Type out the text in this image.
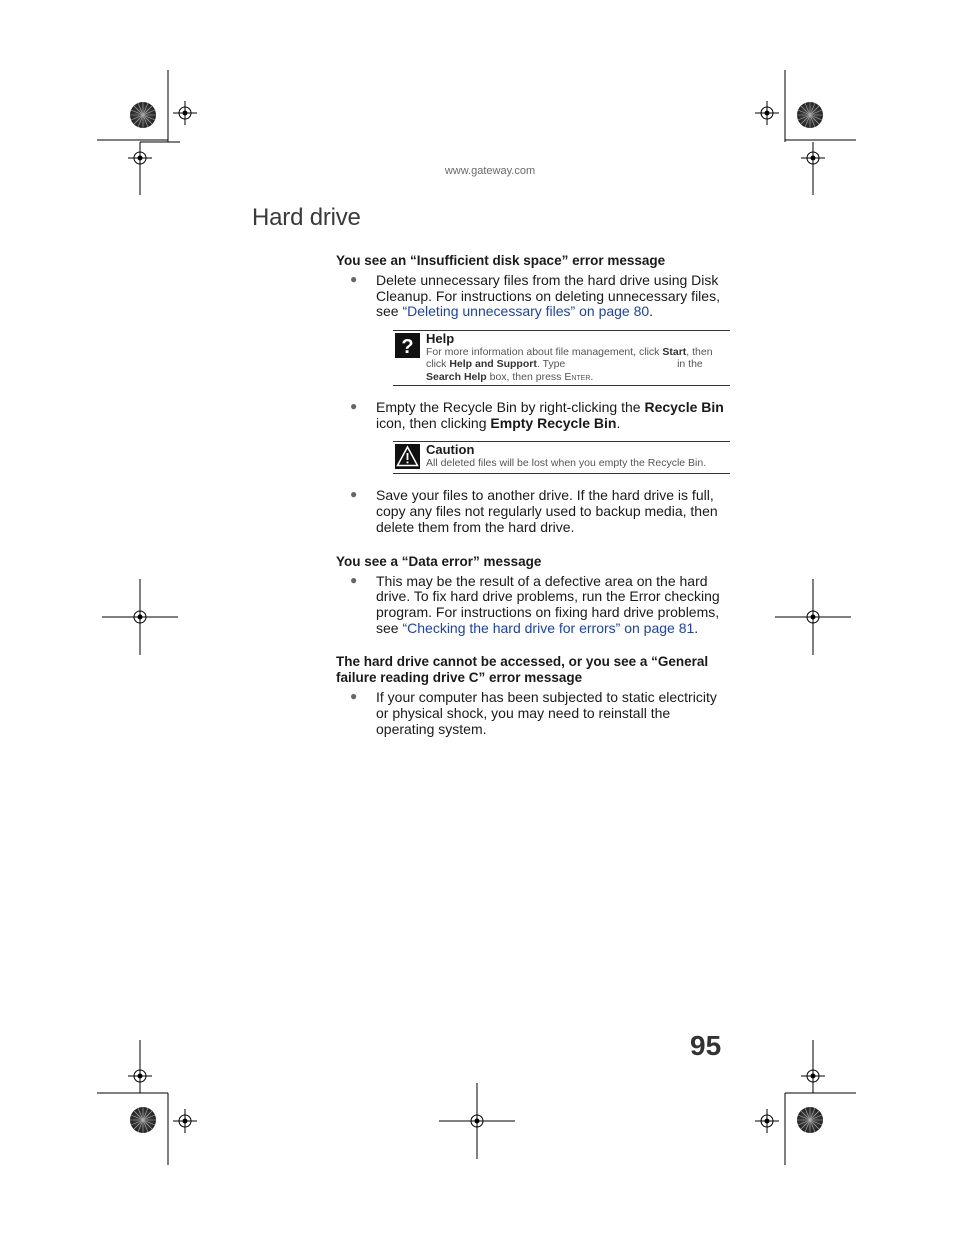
www.gateway.com
Hard drive
You see an “Insufficient disk space” error message
● Delete unnecessary files from the hard drive using Disk Cleanup. For instructions on deleting unnecessary files, see “Deleting unnecessary files” on page 80.
? Help
For more information about file management, click Start, then click Help and Support. Type	in the
Search Help box, then press Enter.
● Empty the Recycle Bin by right-clicking the Recycle Bin icon, then clicking Empty Recycle Bin.
Caution
All deleted files will be lost when you empty the Recycle Bin.
● Save your files to another drive. If the hard drive is full, copy any files not regularly used to backup media, then delete them from the hard drive.
You see a “Data error” message
● This may be the result of a defective area on the hard drive. To fix hard drive problems, run the Error checking program. For instructions on fixing hard drive problems, see “Checking the hard drive for errors” on page 81.
The hard drive cannot be accessed, or you see a “General failure reading drive C” error message
● If your computer has been subjected to static electricity or physical shock, you may need to reinstall the operating system.
95
